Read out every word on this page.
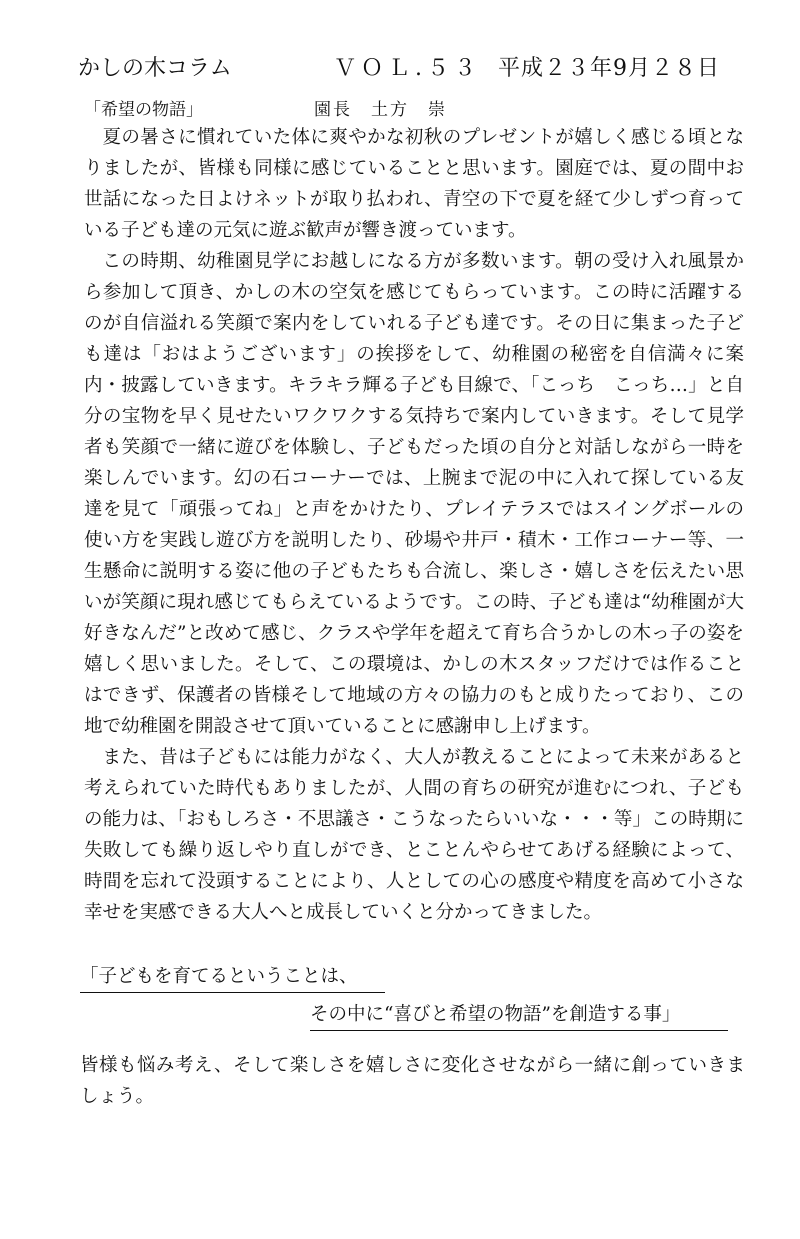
かしの木コラム	ＶＯＬ.５３ 平成２３年9月２８日
「希望の物語」	園長　土方　崇

夏の暑さに慣れていた体に爽やかな初秋のプレゼントが嬉しく感じる頃となりましたが、皆様も同様に感じていることと思います。園庭では、夏の間中お世話になった日よけネットが取り払われ、青空の下で夏を経て少しずつ育っている子ども達の元気に遊ぶ歓声が響き渡っています。

この時期、幼稚園見学にお越しになる方が多数います。朝の受け入れ風景から参加して頂き、かしの木の空気を感じてもらっています。この時に活躍するのが自信溢れる笑顔で案内をしていれる子ども達です。その日に集まった子ども達は「おはようございます」の挨拶をして、幼稚園の秘密を自信満々に案内・披露していきます。キラキラ輝る子ども目線で、「こっち　こっち…」と自分の宝物を早く見せたいワクワクする気持ちで案内していきます。そして見学者も笑顔で一緒に遊びを体験し、子どもだった頃の自分と対話しながら一時を楽しんでいます。幻の石コーナーでは、上腕まで泥の中に入れて探している友達を見て「頑張ってね」と声をかけたり、プレイテラスではスイングボールの使い方を実践し遊び方を説明したり、砂場や井戸・積木・工作コーナー等、一生懸命に説明する姿に他の子どもたちも合流し、楽しさ・嬉しさを伝えたい思いが笑顔に現れ感じてもらえているようです。この時、子ども達は“幼稚園が大好きなんだ”と改めて感じ、クラスや学年を超えて育ち合うかしの木っ子の姿を嬉しく思いました。そして、この環境は、かしの木スタッフだけでは作ることはできず、保護者の皆様そして地域の方々の協力のもと成りたっており、この地で幼稚園を開設させて頂いていることに感謝申し上げます。

また、昔は子どもには能力がなく、大人が教えることによって未来があると考えられていた時代もありましたが、人間の育ちの研究が進むにつれ、子どもの能力は、「おもしろさ・不思議さ・こうなったらいいな・・・等」この時期に失敗しても繰り返しやり直しができ、とことんやらせてあげる経験によって、時間を忘れて没頭することにより、人としての心の感度や精度を高めて小さな幸せを実感できる大人へと成長していくと分かってきました。

「子どもを育てるということは、
その中に“喜びと希望の物語”を創造する事」
皆様も悩み考え、そして楽しさを嬉しさに変化させながら一緒に創っていきましょう。
